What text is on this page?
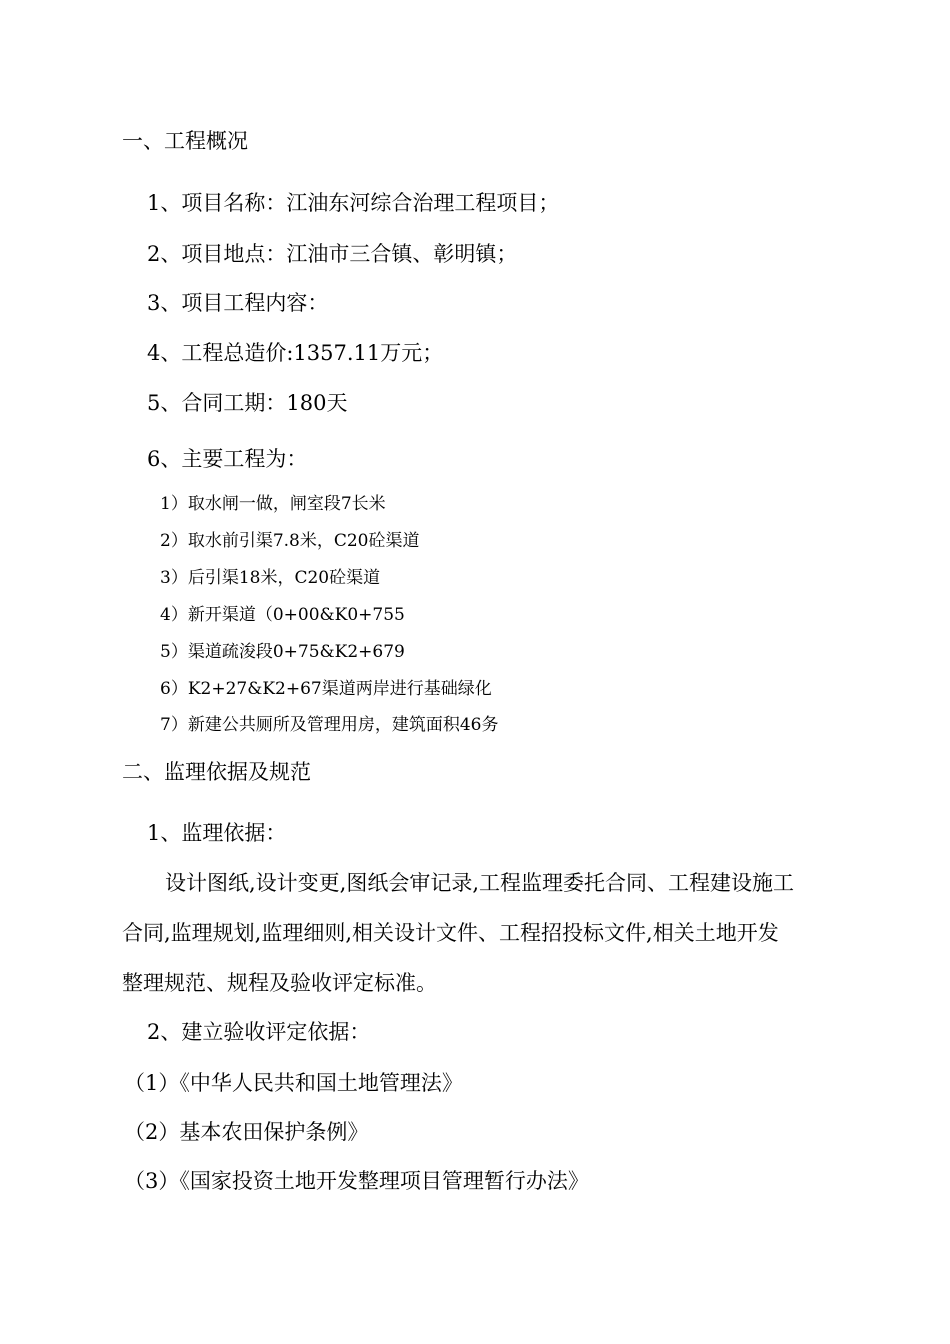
一、工程概况
1、项目名称：江油东河综合治理工程项目；
2、项目地点：江油市三合镇、彰明镇；
3、项目工程内容：
4、工程总造价:1357.11万元；
5、合同工期：180天
6、主要工程为：
1）取水闸一做，闸室段7长米
2）取水前引渠7.8米，C20砼渠道
3）后引渠18米，C20砼渠道
4）新开渠道（0+00&K0+755
5）渠道疏浚段0+75&K2+679
6）K2+27&K2+67渠道两岸进行基础绿化
7）新建公共厕所及管理用房，建筑面积46务
二、监理依据及规范
1、监理依据：
设计图纸,设计变更,图纸会审记录,工程监理委托合同、工程建设施工
合同,监理规划,监理细则,相关设计文件、工程招投标文件,相关土地开发
整理规范、规程及验收评定标准。
2、建立验收评定依据：
（1）《中华人民共和国土地管理法》
（2）基本农田保护条例》
（3）《国家投资土地开发整理项目管理暂行办法》
